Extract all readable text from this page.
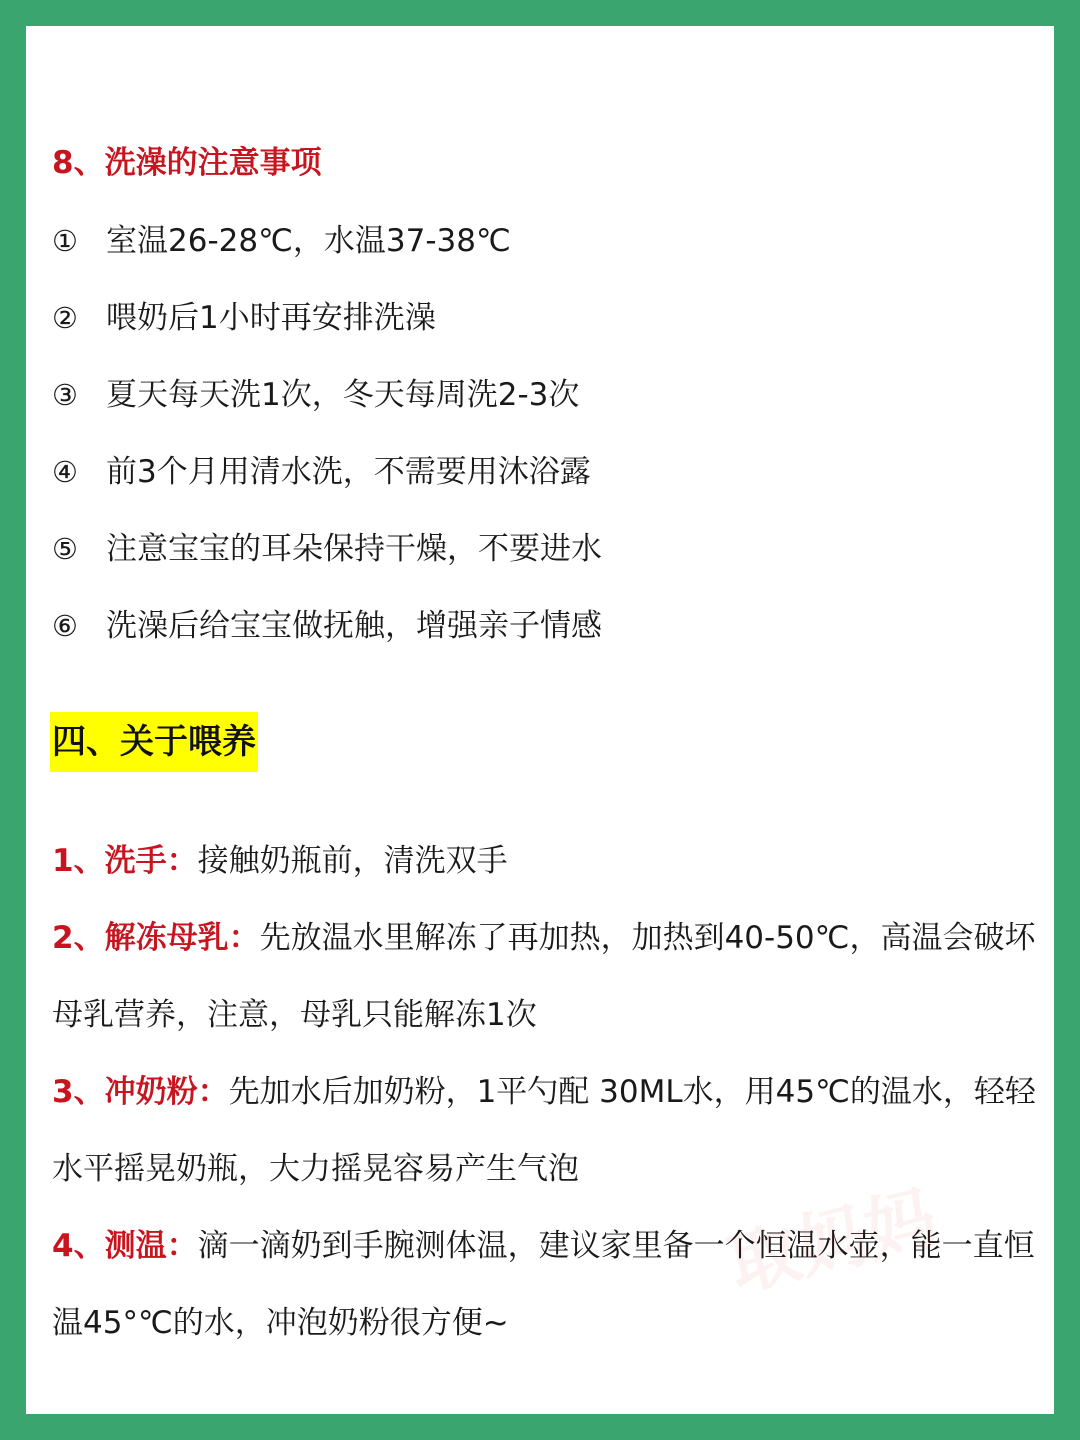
8、洗澡的注意事项
① 室温26-28℃，水温37-38℃
② 喂奶后1小时再安排洗澡
③ 夏天每天洗1次，冬天每周洗2-3次
④ 前3个月用清水洗，不需要用沐浴露
⑤ 注意宝宝的耳朵保持干燥，不要进水
⑥ 洗澡后给宝宝做抚触，增强亲子情感
四、关于喂养

1、洗手：接触奶瓶前，清洗双手

2、解冻母乳：先放温水里解冻了再加热，加热到40-50℃，高温会破坏母乳营养，注意，母乳只能解冻1次

3、冲奶粉：先加水后加奶粉，1平勺配 30ML水，用45℃的温水，轻轻水平摇晃奶瓶，大力摇晃容易产生气泡

4、测温：滴一滴奶到手腕测体温，建议家里备一个恒温水壶，能一直恒温45°℃的水，冲泡奶粉很方便~

取妈妈
